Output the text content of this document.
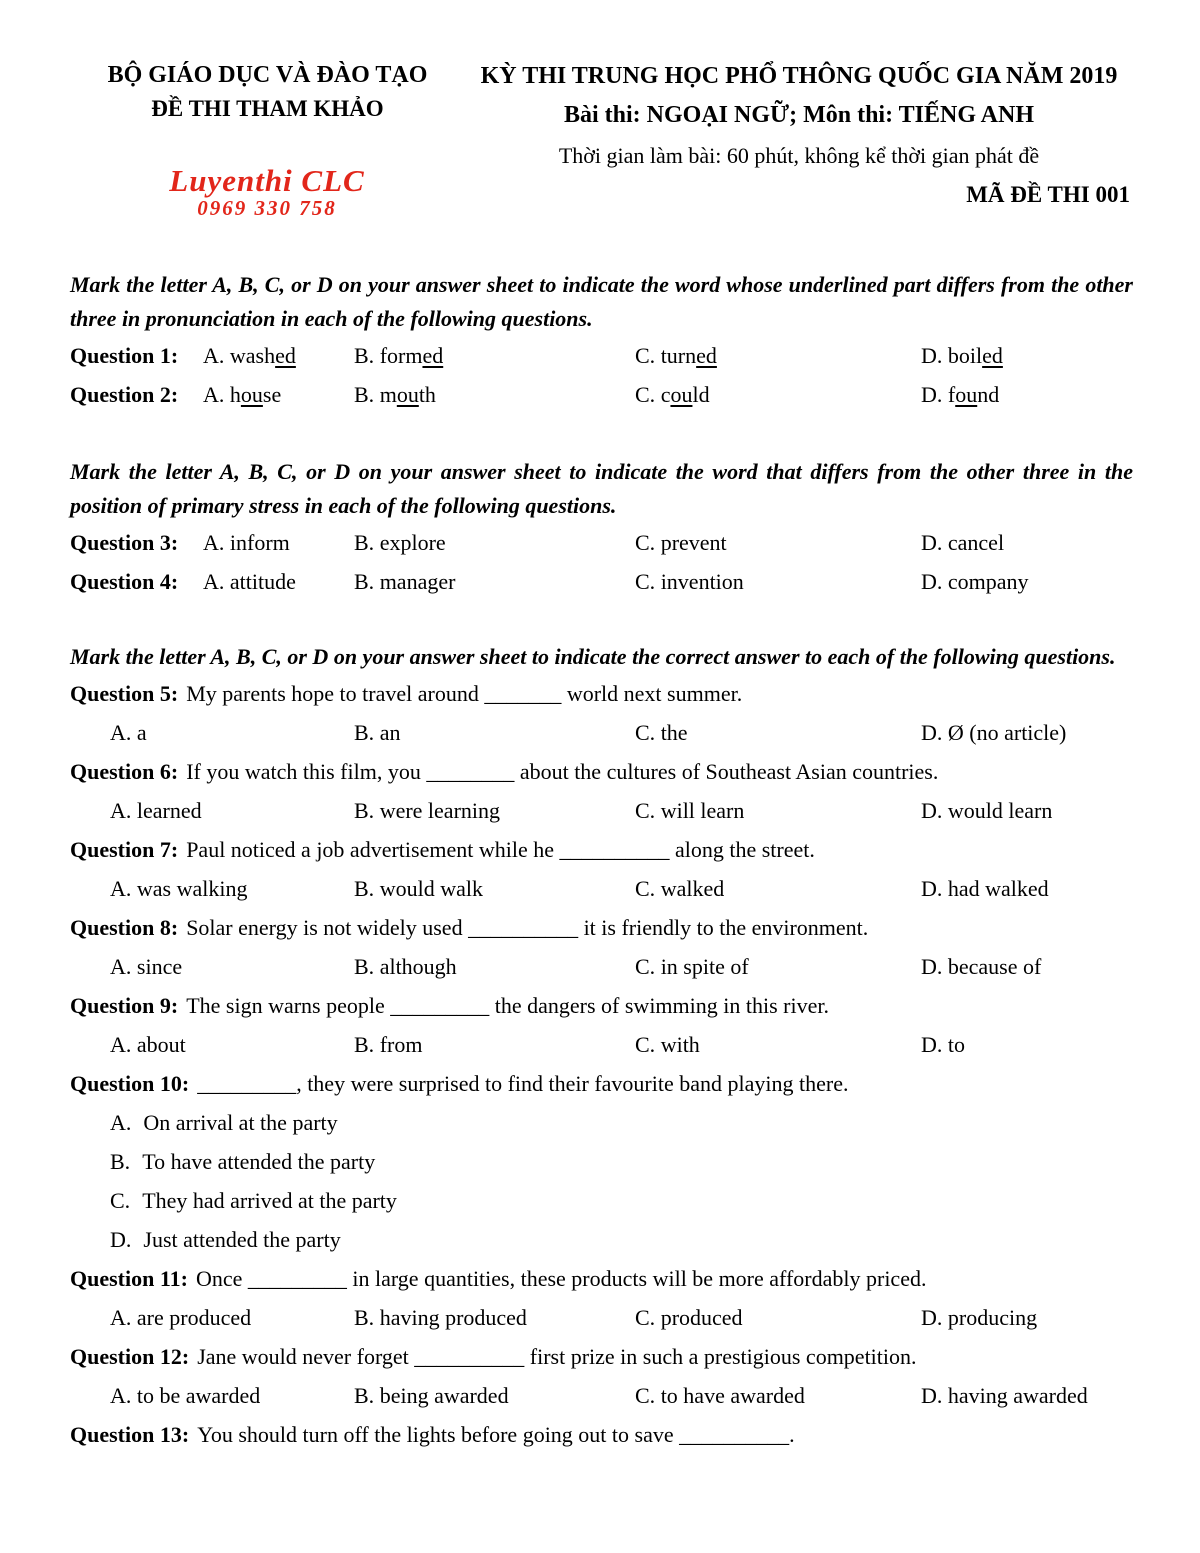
BỘ GIÁO DỤC VÀ ĐÀO TẠO
ĐỀ THI THAM KHẢO
KỲ THI TRUNG HỌC PHỔ THÔNG QUỐC GIA NĂM 2019
Bài thi: NGOẠI NGỮ; Môn thi: TIẾNG ANH
Thời gian làm bài: 60 phút, không kể thời gian phát đề
MÃ ĐỀ THI 001
Luyenthi CLC
0969 330 758

Mark the letter A, B, C, or D on your answer sheet to indicate the word whose underlined part differs from the other three in pronunciation in each of the following questions.

Question 1: A. washed	B. formed	C. turned	D. boiled
Question 2: A. house	B. mouth	C. could	D. found

Mark the letter A, B, C, or D on your answer sheet to indicate the word that differs from the other three in the position of primary stress in each of the following questions.

Question 3: A. inform	B. explore	C. prevent	D. cancel
Question 4: A. attitude	B. manager	C. invention	D. company

Mark the letter A, B, C, or D on your answer sheet to indicate the correct answer to each of the following questions.

Question 5: My parents hope to travel around _______ world next summer.
A. a	B. an	C. the	D. Ø (no article)
Question 6: If you watch this film, you ________ about the cultures of Southeast Asian countries.
A. learned	B. were learning	C. will learn	D. would learn
Question 7: Paul noticed a job advertisement while he __________ along the street.
A. was walking	B. would walk	C. walked	D. had walked
Question 8: Solar energy is not widely used __________ it is friendly to the environment.
A. since	B. although	C. in spite of	D. because of
Question 9: The sign warns people _________ the dangers of swimming in this river.
A. about	B. from	C. with	D. to
Question 10: _________, they were surprised to find their favourite band playing there.
A. On arrival at the party
B. To have attended the party
C. They had arrived at the party
D. Just attended the party
Question 11: Once _________ in large quantities, these products will be more affordably priced.
A. are produced	B. having produced	C. produced	D. producing
Question 12: Jane would never forget __________ first prize in such a prestigious competition.
A. to be awarded	B. being awarded	C. to have awarded	D. having awarded
Question 13: You should turn off the lights before going out to save __________.
